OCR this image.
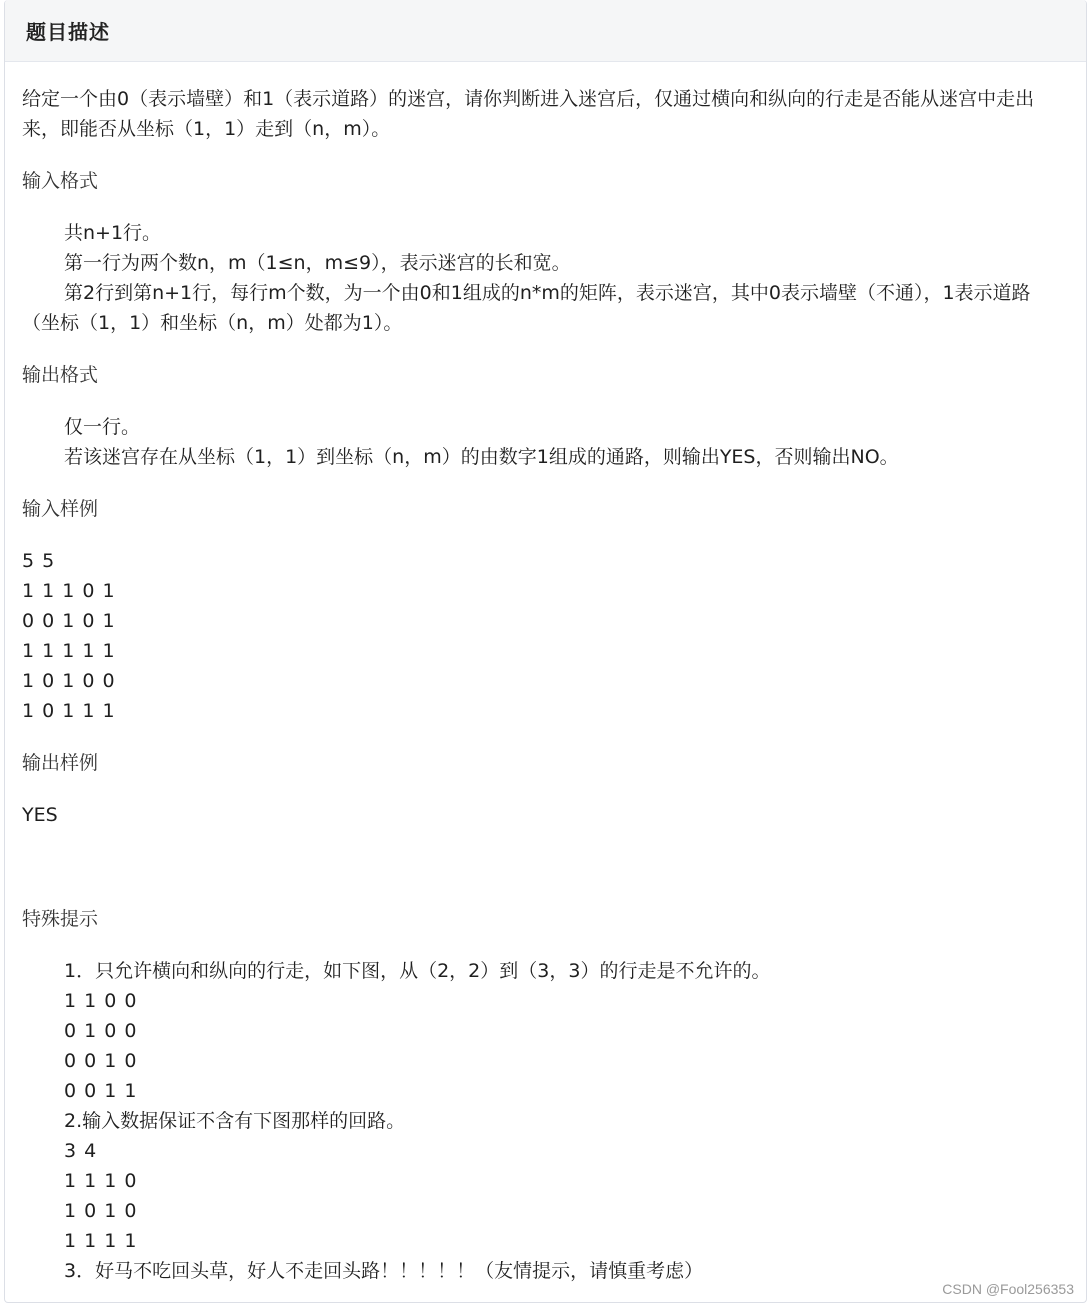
题目描述

给定一个由0（表示墙壁）和1（表示道路）的迷宫，请你判断进入迷宫后，仅通过横向和纵向的行走是否能从迷宫中走出来，即能否从坐标（1，1）走到（n，m）。

输入格式

共n+1行。

第一行为两个数n，m（1≤n，m≤9），表示迷宫的长和宽。

第2行到第n+1行，每行m个数，为一个由0和1组成的n*m的矩阵，表示迷宫，其中0表示墙壁（不通），1表示道路（坐标（1，1）和坐标（n，m）处都为1）。

输出格式

仅一行。

若该迷宫存在从坐标（1，1）到坐标（n，m）的由数字1组成的通路，则输出YES，否则输出NO。

输入样例

5 5

1 1 1 0 1

0 0 1 0 1

1 1 1 1 1

1 0 1 0 0

1 0 1 1 1

输出样例

YES

特殊提示

1．只允许横向和纵向的行走，如下图，从（2，2）到（3，3）的行走是不允许的。

1 1 0 0

0 1 0 0

0 0 1 0

0 0 1 1

2.输入数据保证不含有下图那样的回路。

3 4

1 1 1 0

1 0 1 0

1 1 1 1

3．好马不吃回头草，好人不走回头路！！！！！（友情提示，请慎重考虑）

CSDN @Fool256353
